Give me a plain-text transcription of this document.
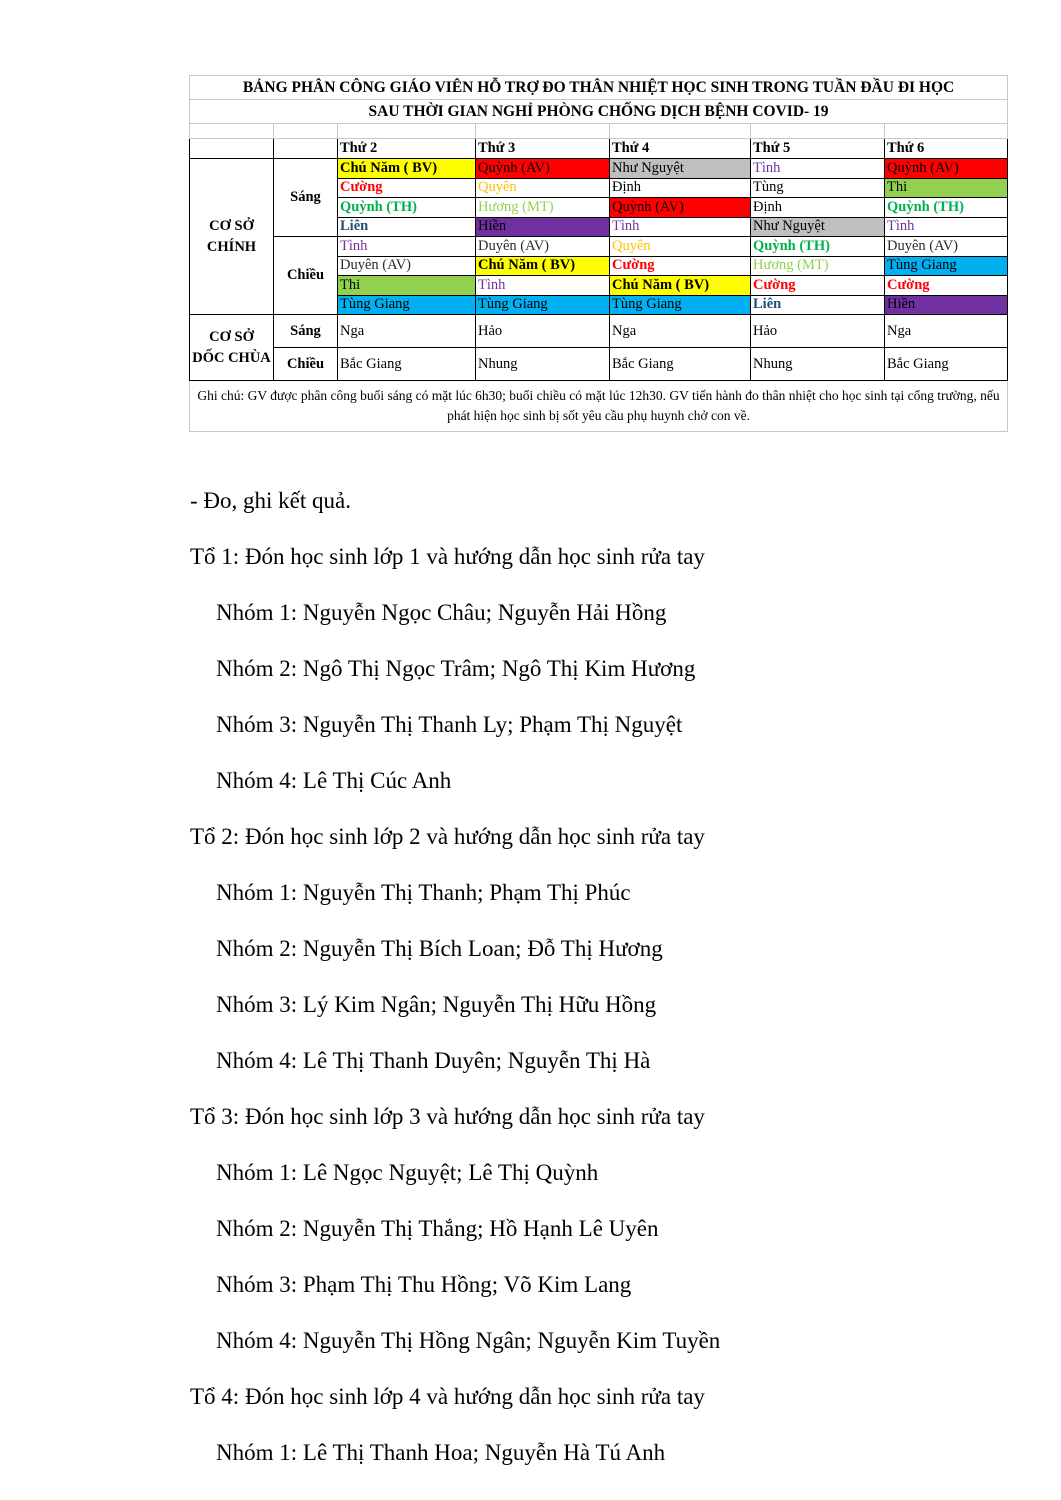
BẢNG PHÂN CÔNG GIÁO VIÊN HỖ TRỢ ĐO THÂN NHIỆT HỌC SINH TRONG TUẦN ĐẦU ĐI HỌC						
SAU THỜI GIAN NGHỈ PHÒNG CHỐNG DỊCH BỆNH COVID- 19						

		Thứ 2	Thứ 3	Thứ 4	Thứ 5	Thứ 6
CƠ SỞ CHÍNH	Sáng	Chú Năm ( BV)	Quỳnh (AV)	Như Nguyệt	Tình	Quỳnh (AV)
		Cường	Quyên	Định	Tùng	Thi
		Quỳnh (TH)	Hương (MT)	Quỳnh (AV)	Định	Quỳnh (TH)
		Liên	Hiền	Tình	Như Nguyệt	Tình
	Chiều	Tình	Duyên (AV)	Quyên	Quỳnh (TH)	Duyên (AV)
		Duyên (AV)	Chú Năm ( BV)	Cường	Hương (MT)	Tùng Giang
		Thi	Tình	Chú Năm ( BV)	Cường	Cường
		Tùng Giang	Tùng Giang	Tùng Giang	Liên	Hiền
CƠ SỞ DỐC CHÙA	Sáng	Nga	Hảo	Nga	Hảo	Nga
	Chiều	Bắc Giang	Nhung	Bắc Giang	Nhung	Bắc Giang
Ghi chú: GV được phân công buổi sáng có mặt lúc 6h30; buổi chiều có mặt lúc 12h30. GV tiến hành đo thân nhiệt cho học sinh tại cổng trường, nếu phát hiện học sinh bị sốt yêu cầu phụ huynh chở con về.						
- Đo, ghi kết quả.
Tổ 1: Đón học sinh lớp 1 và hướng dẫn học sinh rửa tay
Nhóm 1: Nguyễn Ngọc Châu; Nguyễn Hải Hồng
Nhóm 2: Ngô Thị Ngọc Trâm; Ngô Thị Kim Hương
Nhóm 3: Nguyễn Thị Thanh Ly; Phạm Thị Nguyệt
Nhóm 4: Lê Thị Cúc Anh
Tổ 2: Đón học sinh lớp 2 và hướng dẫn học sinh rửa tay
Nhóm 1: Nguyễn Thị Thanh; Phạm Thị Phúc
Nhóm 2: Nguyễn Thị Bích Loan; Đỗ Thị Hương
Nhóm 3: Lý Kim Ngân; Nguyễn Thị Hữu Hồng
Nhóm 4: Lê Thị Thanh Duyên; Nguyễn Thị Hà
Tổ 3: Đón học sinh lớp 3 và hướng dẫn học sinh rửa tay
Nhóm 1: Lê Ngọc Nguyệt; Lê Thị Quỳnh
Nhóm 2: Nguyễn Thị Thắng; Hồ Hạnh Lê Uyên
Nhóm 3: Phạm Thị Thu Hồng; Võ Kim Lang
Nhóm 4: Nguyễn Thị Hồng Ngân; Nguyễn Kim Tuyền
Tổ 4: Đón học sinh lớp 4 và hướng dẫn học sinh rửa tay
Nhóm 1: Lê Thị Thanh Hoa; Nguyễn Hà Tú Anh
